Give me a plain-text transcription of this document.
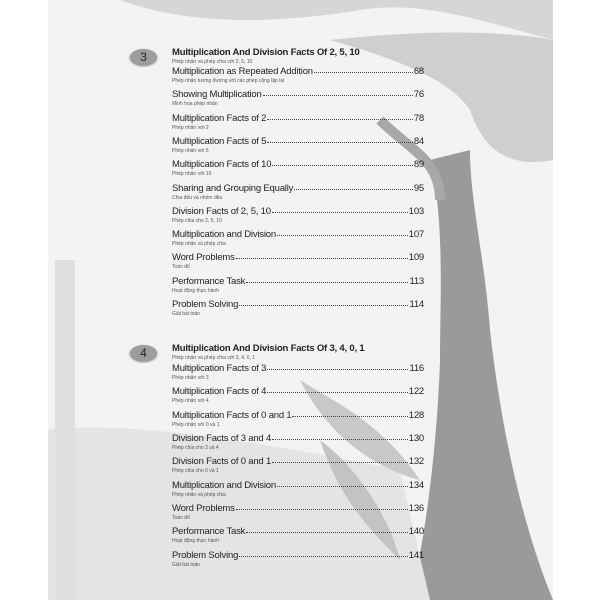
3	Multiplication And Division Facts Of 2, 5, 10
Phép nhân và phép chia với 2, 5, 10
Multiplication as Repeated Addition	68
Phép nhân tương đương với các phép cộng lặp lại
Showing Multiplication	76
Minh họa phép nhân
Multiplication Facts of 2	78
Phép nhân với 2
Multiplication Facts of 5	84
Phép nhân với 5
Multiplication Facts of 10	89
Phép nhân với 10
Sharing and Grouping Equally	95
Chia đều và nhóm đều
Division Facts of 2, 5, 10	103
Phép chia cho 2, 5, 10
Multiplication and Division	107
Phép nhân và phép chia
Word Problems	109
Toán đố
Performance Task	113
Hoạt động thực hành
Problem Solving	114
Giải bài toán
4	Multiplication And Division Facts Of 3, 4, 0, 1
Phép nhân và phép chia với 3, 4, 0, 1
Multiplication Facts of 3	116
Phép nhân với 3
Multiplication Facts of 4	122
Phép nhân với 4
Multiplication Facts of 0 and 1	128
Phép nhân với 0 và 1
Division Facts of 3 and 4	130
Phép chia cho 3 và 4
Division Facts of 0 and 1	132
Phép chia cho 0 và 1
Multiplication and Division	134
Phép nhân và phép chia
Word Problems	136
Toán đố
Performance Task	140
Hoạt động thực hành
Problem Solving	141
Giải bài toán
